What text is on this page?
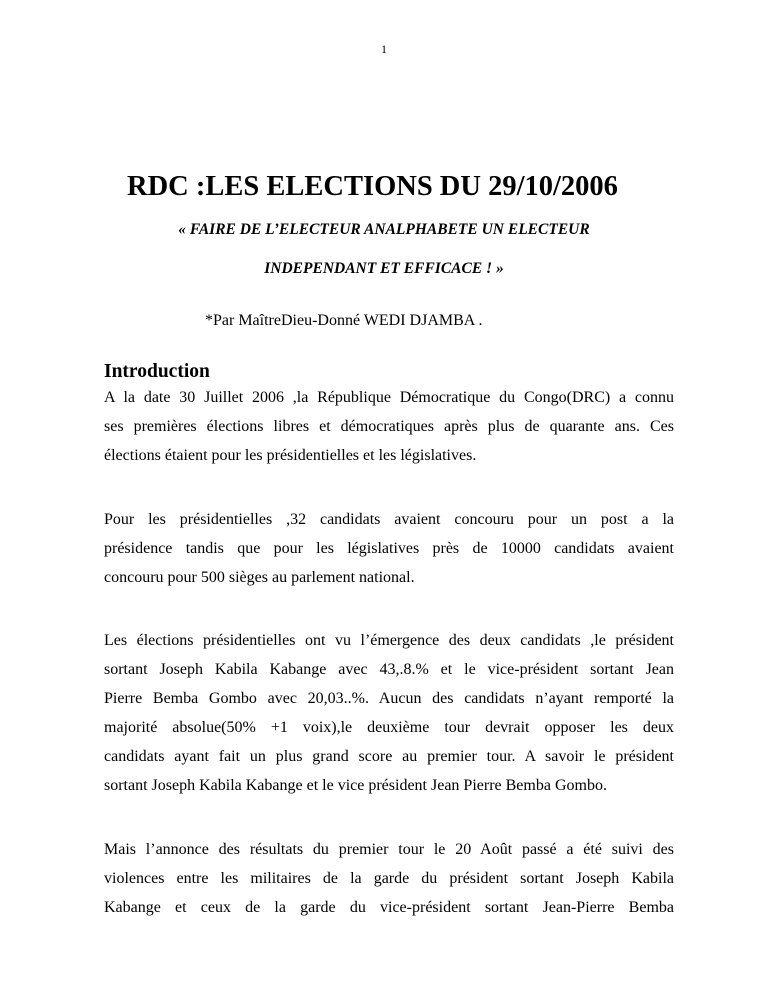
1
RDC :LES ELECTIONS DU 29/10/2006

« FAIRE DE L’ELECTEUR ANALPHABETE UN ELECTEUR

INDEPENDANT ET EFFICACE ! »

*Par MaîtreDieu-Donné WEDI DJAMBA .

Introduction
A la date 30 Juillet 2006 ,la République Démocratique du Congo(DRC) a connu
ses premières élections libres et démocratiques après plus de quarante ans. Ces
élections étaient pour les présidentielles et les législatives.
Pour les présidentielles ,32 candidats avaient concouru pour un post a la
présidence tandis que pour les législatives près de 10000 candidats avaient
concouru pour 500 sièges au parlement national.
Les élections présidentielles ont vu l’émergence des deux candidats ,le président
sortant Joseph Kabila Kabange avec 43,.8.% et le vice-président sortant Jean
Pierre Bemba Gombo avec 20,03..%. Aucun des candidats n’ayant remporté la
majorité absolue(50% +1 voix),le deuxième tour devrait opposer les deux
candidats ayant fait un plus grand score au premier tour. A savoir le président
sortant Joseph Kabila Kabange et le vice président Jean Pierre Bemba Gombo.
Mais l’annonce des résultats du premier tour le 20 Août passé a été suivi des
violences entre les militaires de la garde du président sortant Joseph Kabila
Kabange et ceux de la garde du vice-président sortant Jean-Pierre Bemba
